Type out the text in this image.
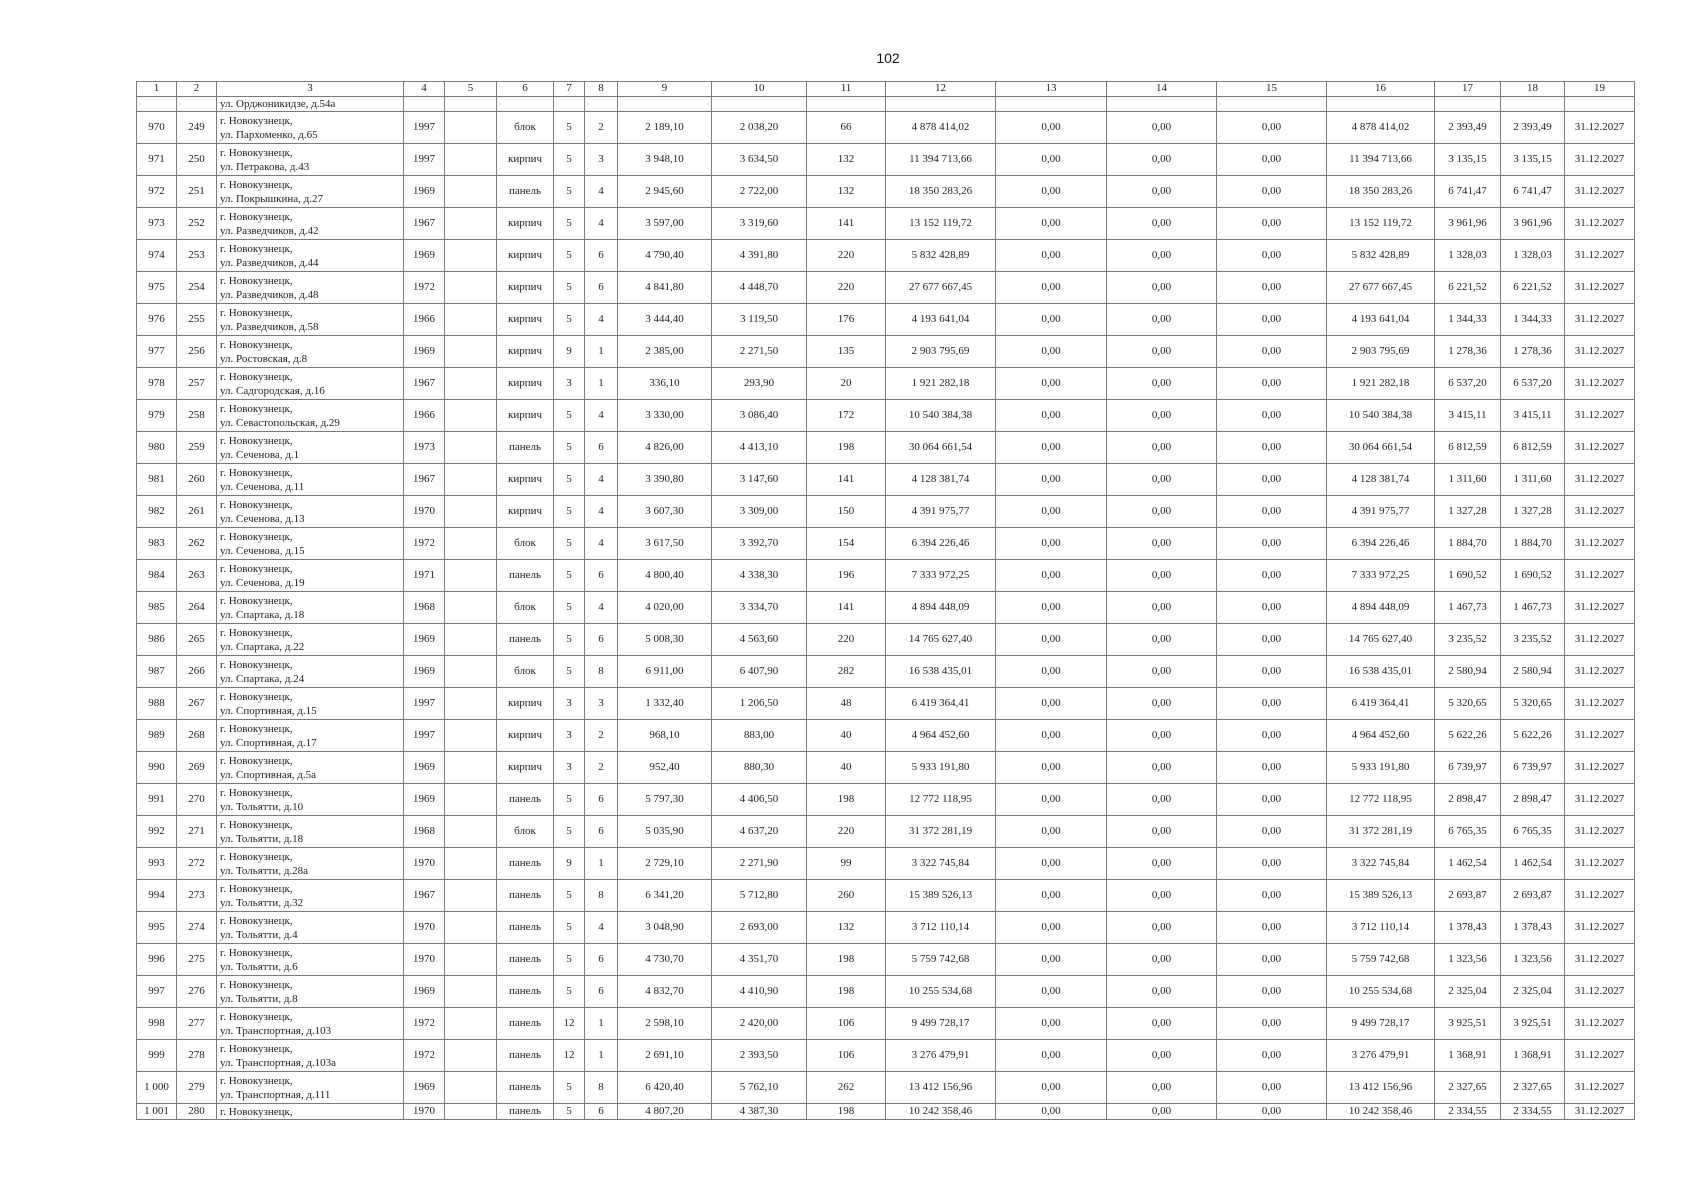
102
1	2	3	4	5	6	7	8	9	10	11	12	13	14	15	16	17	18	19
		ул. Орджоникидзе, д.54а																
970	249	г. Новокузнецк,
ул. Пархоменко, д.65	1997		блок	5	2	2 189,10	2 038,20	66	4 878 414,02	0,00	0,00	0,00	4 878 414,02	2 393,49	2 393,49	31.12.2027
971	250	г. Новокузнецк,
ул. Петракова, д.43	1997		кирпич	5	3	3 948,10	3 634,50	132	11 394 713,66	0,00	0,00	0,00	11 394 713,66	3 135,15	3 135,15	31.12.2027
972	251	г. Новокузнецк,
ул. Покрышкина, д.27	1969		панель	5	4	2 945,60	2 722,00	132	18 350 283,26	0,00	0,00	0,00	18 350 283,26	6 741,47	6 741,47	31.12.2027
973	252	г. Новокузнецк,
ул. Разведчиков, д.42	1967		кирпич	5	4	3 597,00	3 319,60	141	13 152 119,72	0,00	0,00	0,00	13 152 119,72	3 961,96	3 961,96	31.12.2027
974	253	г. Новокузнецк,
ул. Разведчиков, д.44	1969		кирпич	5	6	4 790,40	4 391,80	220	5 832 428,89	0,00	0,00	0,00	5 832 428,89	1 328,03	1 328,03	31.12.2027
975	254	г. Новокузнецк,
ул. Разведчиков, д.48	1972		кирпич	5	6	4 841,80	4 448,70	220	27 677 667,45	0,00	0,00	0,00	27 677 667,45	6 221,52	6 221,52	31.12.2027
976	255	г. Новокузнецк,
ул. Разведчиков, д.58	1966		кирпич	5	4	3 444,40	3 119,50	176	4 193 641,04	0,00	0,00	0,00	4 193 641,04	1 344,33	1 344,33	31.12.2027
977	256	г. Новокузнецк,
ул. Ростовская, д.8	1969		кирпич	9	1	2 385,00	2 271,50	135	2 903 795,69	0,00	0,00	0,00	2 903 795,69	1 278,36	1 278,36	31.12.2027
978	257	г. Новокузнецк,
ул. Садгородская, д.16	1967		кирпич	3	1	336,10	293,90	20	1 921 282,18	0,00	0,00	0,00	1 921 282,18	6 537,20	6 537,20	31.12.2027
979	258	г. Новокузнецк,
ул. Севастопольская, д.29	1966		кирпич	5	4	3 330,00	3 086,40	172	10 540 384,38	0,00	0,00	0,00	10 540 384,38	3 415,11	3 415,11	31.12.2027
980	259	г. Новокузнецк,
ул. Сеченова, д.1	1973		панель	5	6	4 826,00	4 413,10	198	30 064 661,54	0,00	0,00	0,00	30 064 661,54	6 812,59	6 812,59	31.12.2027
981	260	г. Новокузнецк,
ул. Сеченова, д.11	1967		кирпич	5	4	3 390,80	3 147,60	141	4 128 381,74	0,00	0,00	0,00	4 128 381,74	1 311,60	1 311,60	31.12.2027
982	261	г. Новокузнецк,
ул. Сеченова, д.13	1970		кирпич	5	4	3 607,30	3 309,00	150	4 391 975,77	0,00	0,00	0,00	4 391 975,77	1 327,28	1 327,28	31.12.2027
983	262	г. Новокузнецк,
ул. Сеченова, д.15	1972		блок	5	4	3 617,50	3 392,70	154	6 394 226,46	0,00	0,00	0,00	6 394 226,46	1 884,70	1 884,70	31.12.2027
984	263	г. Новокузнецк,
ул. Сеченова, д.19	1971		панель	5	6	4 800,40	4 338,30	196	7 333 972,25	0,00	0,00	0,00	7 333 972,25	1 690,52	1 690,52	31.12.2027
985	264	г. Новокузнецк,
ул. Спартака, д.18	1968		блок	5	4	4 020,00	3 334,70	141	4 894 448,09	0,00	0,00	0,00	4 894 448,09	1 467,73	1 467,73	31.12.2027
986	265	г. Новокузнецк,
ул. Спартака, д.22	1969		панель	5	6	5 008,30	4 563,60	220	14 765 627,40	0,00	0,00	0,00	14 765 627,40	3 235,52	3 235,52	31.12.2027
987	266	г. Новокузнецк,
ул. Спартака, д.24	1969		блок	5	8	6 911,00	6 407,90	282	16 538 435,01	0,00	0,00	0,00	16 538 435,01	2 580,94	2 580,94	31.12.2027
988	267	г. Новокузнецк,
ул. Спортивная, д.15	1997		кирпич	3	3	1 332,40	1 206,50	48	6 419 364,41	0,00	0,00	0,00	6 419 364,41	5 320,65	5 320,65	31.12.2027
989	268	г. Новокузнецк,
ул. Спортивная, д.17	1997		кирпич	3	2	968,10	883,00	40	4 964 452,60	0,00	0,00	0,00	4 964 452,60	5 622,26	5 622,26	31.12.2027
990	269	г. Новокузнецк,
ул. Спортивная, д.5а	1969		кирпич	3	2	952,40	880,30	40	5 933 191,80	0,00	0,00	0,00	5 933 191,80	6 739,97	6 739,97	31.12.2027
991	270	г. Новокузнецк,
ул. Тольятти, д.10	1969		панель	5	6	5 797,30	4 406,50	198	12 772 118,95	0,00	0,00	0,00	12 772 118,95	2 898,47	2 898,47	31.12.2027
992	271	г. Новокузнецк,
ул. Тольятти, д.18	1968		блок	5	6	5 035,90	4 637,20	220	31 372 281,19	0,00	0,00	0,00	31 372 281,19	6 765,35	6 765,35	31.12.2027
993	272	г. Новокузнецк,
ул. Тольятти, д.28а	1970		панель	9	1	2 729,10	2 271,90	99	3 322 745,84	0,00	0,00	0,00	3 322 745,84	1 462,54	1 462,54	31.12.2027
994	273	г. Новокузнецк,
ул. Тольятти, д.32	1967		панель	5	8	6 341,20	5 712,80	260	15 389 526,13	0,00	0,00	0,00	15 389 526,13	2 693,87	2 693,87	31.12.2027
995	274	г. Новокузнецк,
ул. Тольятти, д.4	1970		панель	5	4	3 048,90	2 693,00	132	3 712 110,14	0,00	0,00	0,00	3 712 110,14	1 378,43	1 378,43	31.12.2027
996	275	г. Новокузнецк,
ул. Тольятти, д.6	1970		панель	5	6	4 730,70	4 351,70	198	5 759 742,68	0,00	0,00	0,00	5 759 742,68	1 323,56	1 323,56	31.12.2027
997	276	г. Новокузнецк,
ул. Тольятти, д.8	1969		панель	5	6	4 832,70	4 410,90	198	10 255 534,68	0,00	0,00	0,00	10 255 534,68	2 325,04	2 325,04	31.12.2027
998	277	г. Новокузнецк,
ул. Транспортная, д.103	1972		панель	12	1	2 598,10	2 420,00	106	9 499 728,17	0,00	0,00	0,00	9 499 728,17	3 925,51	3 925,51	31.12.2027
999	278	г. Новокузнецк,
ул. Транспортная, д.103а	1972		панель	12	1	2 691,10	2 393,50	106	3 276 479,91	0,00	0,00	0,00	3 276 479,91	1 368,91	1 368,91	31.12.2027
1 000	279	г. Новокузнецк,
ул. Транспортная, д.111	1969		панель	5	8	6 420,40	5 762,10	262	13 412 156,96	0,00	0,00	0,00	13 412 156,96	2 327,65	2 327,65	31.12.2027
1 001	280	г. Новокузнецк,	1970		панель	5	6	4 807,20	4 387,30	198	10 242 358,46	0,00	0,00	0,00	10 242 358,46	2 334,55	2 334,55	31.12.2027
